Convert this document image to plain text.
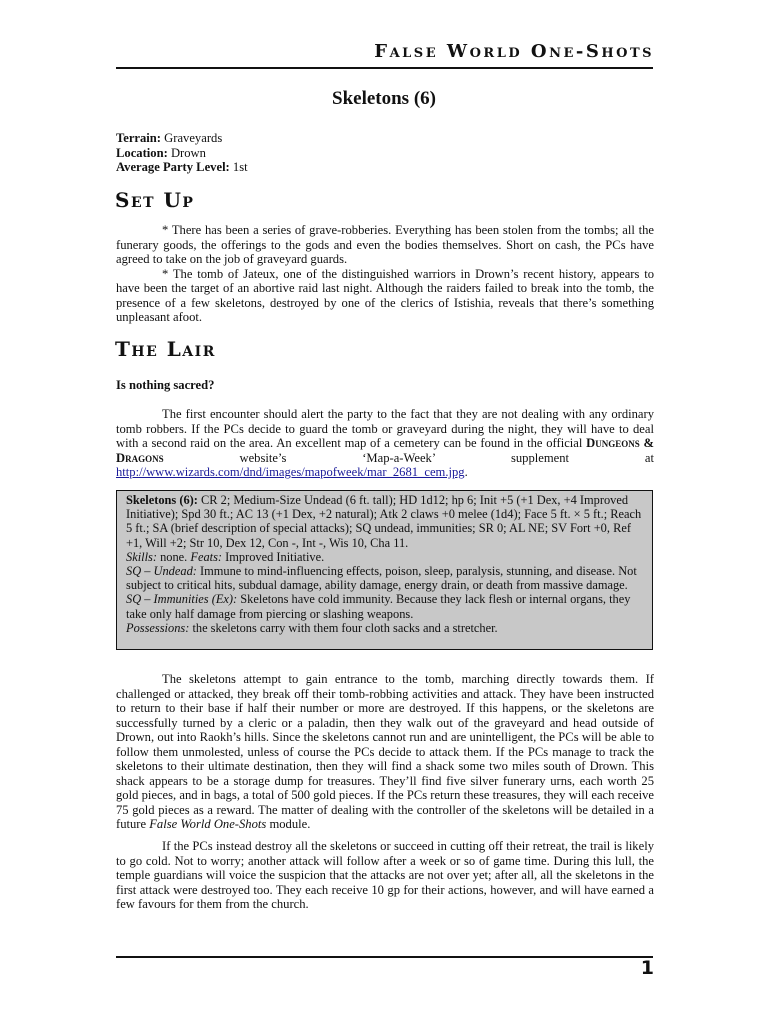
False World One-Shots
Skeletons (6)
Terrain: Graveyards
Location: Drown
Average Party Level: 1st
Set Up

* There has been a series of grave-robberies. Everything has been stolen from the tombs; all the funerary goods, the offerings to the gods and even the bodies themselves. Short on cash, the PCs have agreed to take on the job of graveyard guards.

* The tomb of Jateux, one of the distinguished warriors in Drown’s recent history, appears to have been the target of an abortive raid last night. Although the raiders failed to break into the tomb, the presence of a few skeletons, destroyed by one of the clerics of Istishia, reveals that there’s something unpleasant afoot.

The Lair

Is nothing sacred?

The first encounter should alert the party to the fact that they are not dealing with any ordinary tomb robbers. If the PCs decide to guard the tomb or graveyard during the night, they will have to deal with a second raid on the area. An excellent map of a cemetery can be found in the official Dungeons & Dragons website’s ‘Map-a-Week’ supplement at http://www.wizards.com/dnd/images/mapofweek/mar_2681_cem.jpg.

Skeletons (6): CR 2; Medium-Size Undead (6 ft. tall); HD 1d12; hp 6; Init +5 (+1 Dex, +4 Improved Initiative); Spd 30 ft.; AC 13 (+1 Dex, +2 natural); Atk 2 claws +0 melee (1d4); Face 5 ft. × 5 ft.; Reach 5 ft.; SA (brief description of special attacks); SQ undead, immunities; SR 0; AL NE; SV Fort +0, Ref +1, Will +2; Str 10, Dex 12, Con -, Int -, Wis 10, Cha 11.

Skills: none. Feats: Improved Initiative.

SQ – Undead: Immune to mind-influencing effects, poison, sleep, paralysis, stunning, and disease. Not subject to critical hits, subdual damage, ability damage, energy drain, or death from massive damage.

SQ – Immunities (Ex): Skeletons have cold immunity. Because they lack flesh or internal organs, they take only half damage from piercing or slashing weapons.

Possessions: the skeletons carry with them four cloth sacks and a stretcher.

The skeletons attempt to gain entrance to the tomb, marching directly towards them. If challenged or attacked, they break off their tomb-robbing activities and attack. They have been instructed to return to their base if half their number or more are destroyed. If this happens, or the skeletons are successfully turned by a cleric or a paladin, then they walk out of the graveyard and head outside of Drown, out into Raokh’s hills. Since the skeletons cannot run and are unintelligent, the PCs will be able to follow them unmolested, unless of course the PCs decide to attack them. If the PCs manage to track the skeletons to their ultimate destination, then they will find a shack some two miles south of Drown. This shack appears to be a storage dump for treasures. They’ll find five silver funerary urns, each worth 25 gold pieces, and in bags, a total of 500 gold pieces. If the PCs return these treasures, they will each receive 75 gold pieces as a reward. The matter of dealing with the controller of the skeletons will be detailed in a future False World One-Shots module.

If the PCs instead destroy all the skeletons or succeed in cutting off their retreat, the trail is likely to go cold. Not to worry; another attack will follow after a week or so of game time. During this lull, the temple guardians will voice the suspicion that the attacks are not over yet; after all, all the skeletons in the first attack were destroyed too. They each receive 10 gp for their actions, however, and will have earned a few favours for them from the church.

1
